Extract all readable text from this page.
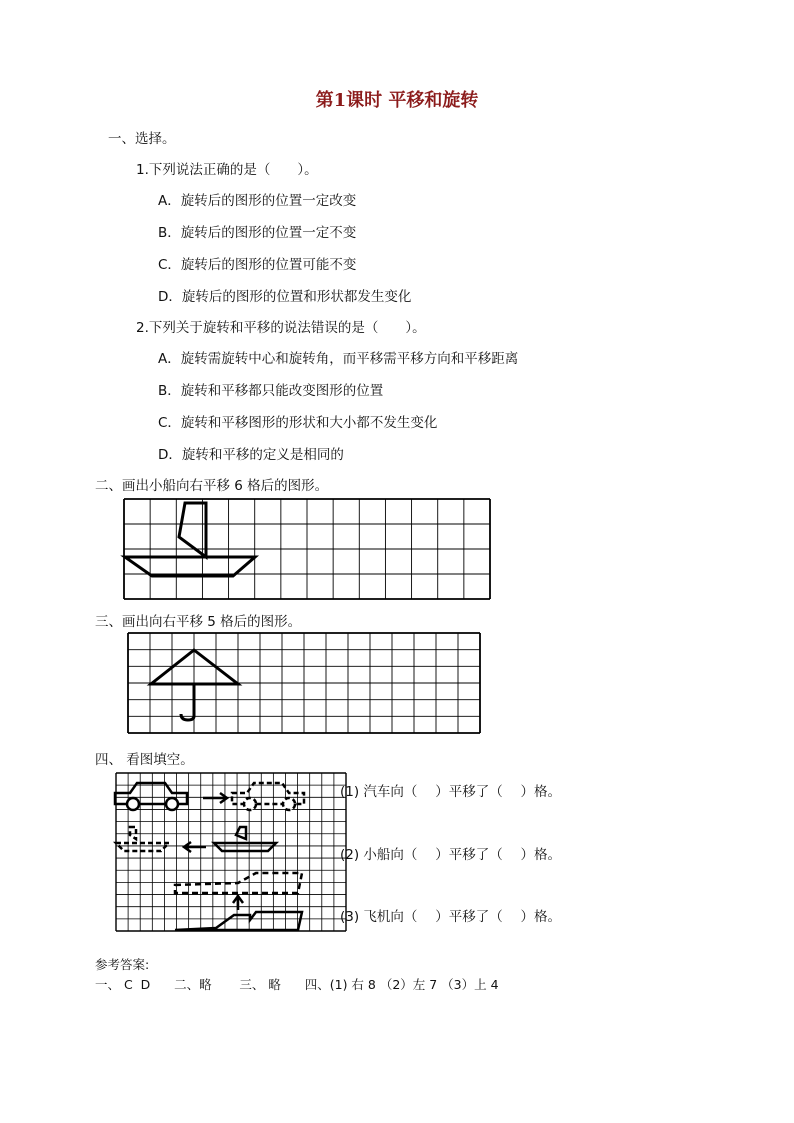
第1课时 平移和旋转
一、选择。
1.下列说法正确的是（　　）。
A．旋转后的图形的位置一定改变
B．旋转后的图形的位置一定不变
C．旋转后的图形的位置可能不变
D．旋转后的图形的位置和形状都发生变化
2.下列关于旋转和平移的说法错误的是（　　）。
A．旋转需旋转中心和旋转角，而平移需平移方向和平移距离
B．旋转和平移都只能改变图形的位置
C．旋转和平移图形的形状和大小都不发生变化
D．旋转和平移的定义是相同的
二、画出小船向右平移 6 格后的图形。
三、画出向右平移 5 格后的图形。
四、 看图填空。
(1) 汽车向（　 ）平移了（　 ）格。
(2) 小船向（　 ）平移了（　 ）格。
(3) 飞机向（　 ）平移了（　 ）格。
参考答案:
一、 C  D      二、略       三、 略      四、(1) 右 8 （2）左 7 （3）上 4
